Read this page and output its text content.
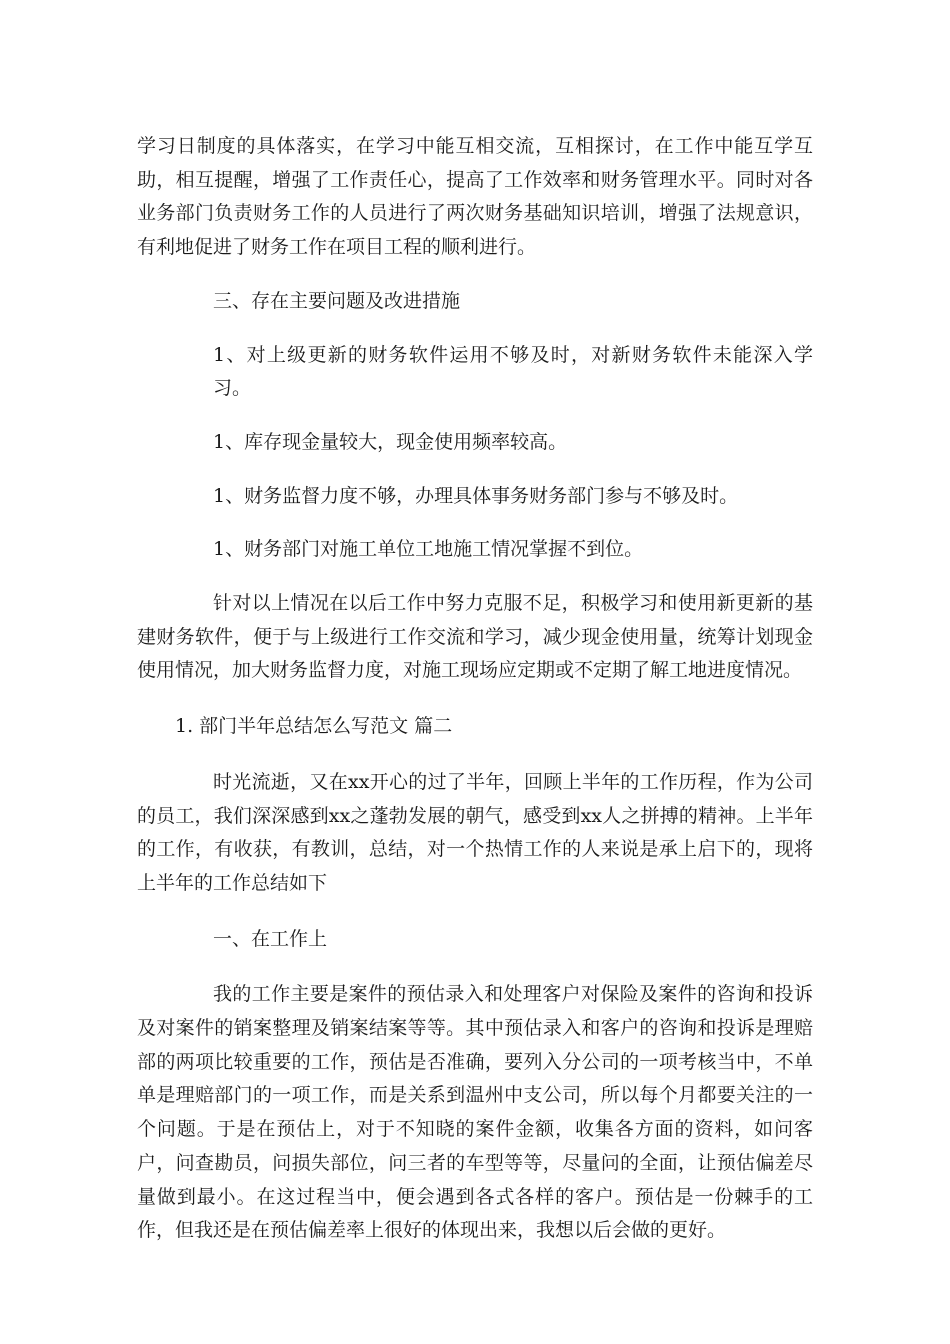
学习日制度的具体落实，在学习中能互相交流，互相探讨，在工作中能互学互助，相互提醒，增强了工作责任心，提高了工作效率和财务管理水平。同时对各业务部门负责财务工作的人员进行了两次财务基础知识培训，增强了法规意识，有利地促进了财务工作在项目工程的顺利进行。

三、存在主要问题及改进措施

1、对上级更新的财务软件运用不够及时，对新财务软件未能深入学习。

1、库存现金量较大，现金使用频率较高。

1、财务监督力度不够，办理具体事务财务部门参与不够及时。

1、财务部门对施工单位工地施工情况掌握不到位。

针对以上情况在以后工作中努力克服不足，积极学习和使用新更新的基建财务软件，便于与上级进行工作交流和学习，减少现金使用量，统筹计划现金使用情况，加大财务监督力度，对施工现场应定期或不定期了解工地进度情况。

1. 部门半年总结怎么写范文 篇二

时光流逝，又在xx开心的过了半年，回顾上半年的工作历程，作为公司的员工，我们深深感到xx之蓬勃发展的朝气，感受到xx人之拼搏的精神。上半年的工作，有收获，有教训，总结，对一个热情工作的人来说是承上启下的，现将上半年的工作总结如下

一、在工作上

我的工作主要是案件的预估录入和处理客户对保险及案件的咨询和投诉及对案件的销案整理及销案结案等等。其中预估录入和客户的咨询和投诉是理赔部的两项比较重要的工作，预估是否准确，要列入分公司的一项考核当中，不单单是理赔部门的一项工作，而是关系到温州中支公司，所以每个月都要关注的一个问题。于是在预估上，对于不知晓的案件金额，收集各方面的资料，如问客户，问查勘员，问损失部位，问三者的车型等等，尽量问的全面，让预估偏差尽量做到最小。在这过程当中，便会遇到各式各样的客户。预估是一份棘手的工作，但我还是在预估偏差率上很好的体现出来，我想以后会做的更好。
